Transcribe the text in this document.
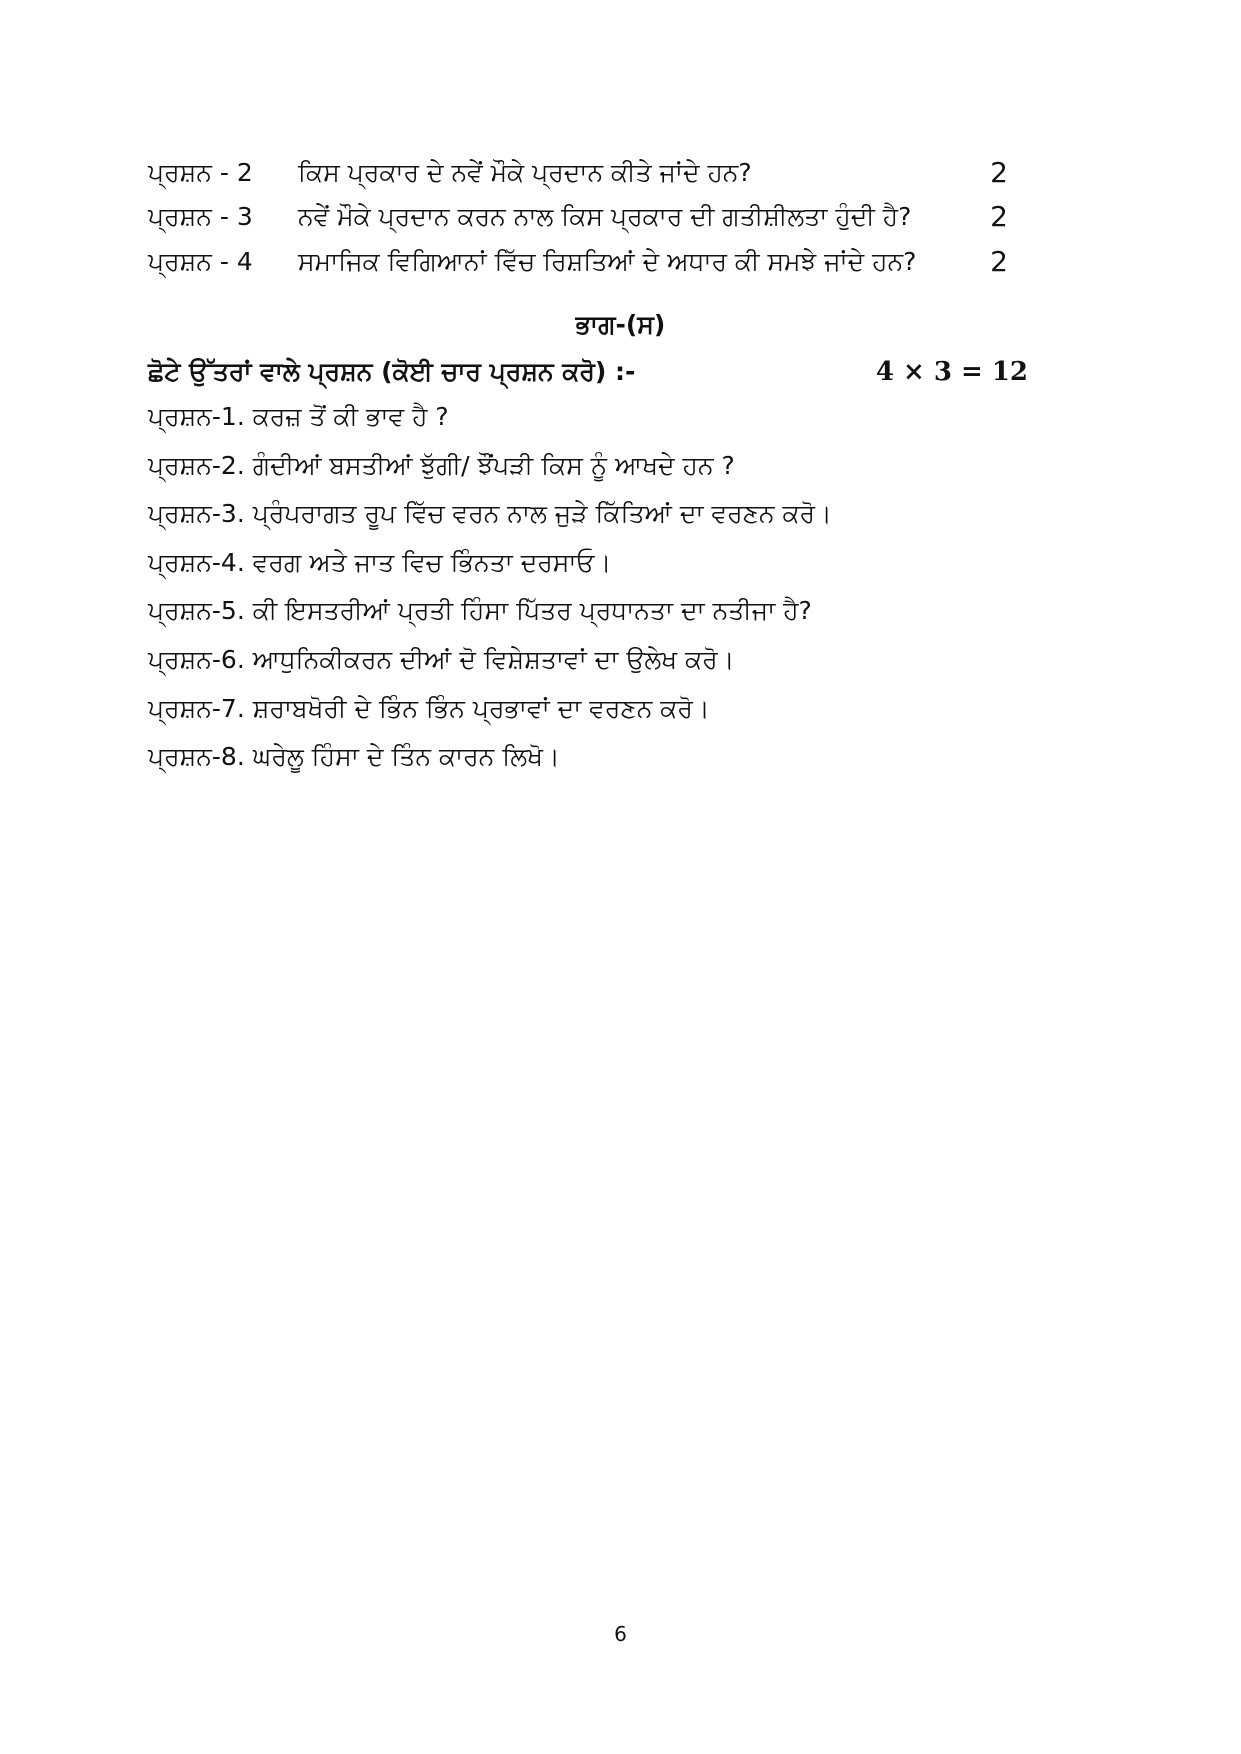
ਪ੍ਰਸ਼ਨ - 2 ਕਿਸ ਪ੍ਰਕਾਰ ਦੇ ਨਵੇਂ ਮੌਕੇ ਪ੍ਰਦਾਨ ਕੀਤੇ ਜਾਂਦੇ ਹਨ?	2
ਪ੍ਰਸ਼ਨ - 3 ਨਵੇਂ ਮੌਕੇ ਪ੍ਰਦਾਨ ਕਰਨ ਨਾਲ ਕਿਸ ਪ੍ਰਕਾਰ ਦੀ ਗਤੀਸ਼ੀਲਤਾ ਹੁੰਦੀ ਹੈ?	2
ਪ੍ਰਸ਼ਨ - 4 ਸਮਾਜਿਕ ਵਿਗਿਆਨਾਂ ਵਿੱਚ ਰਿਸ਼ਤਿਆਂ ਦੇ ਅਧਾਰ ਕੀ ਸਮਝੇ ਜਾਂਦੇ ਹਨ?	2
ਭਾਗ-(ਸ)
ਛੋਟੇ ਉੱਤਰਾਂ ਵਾਲੇ ਪ੍ਰਸ਼ਨ (ਕੋਈ ਚਾਰ ਪ੍ਰਸ਼ਨ ਕਰੋ) :-	4 × 3 = 12
ਪ੍ਰਸ਼ਨ-1. ਕਰਜ਼ ਤੋਂ ਕੀ ਭਾਵ ਹੈ ?
ਪ੍ਰਸ਼ਨ-2. ਗੰਦੀਆਂ ਬਸਤੀਆਂ ਝੁੱਗੀ/ ਝੌਂਪੜੀ ਕਿਸ ਨੂੰ ਆਖਦੇ ਹਨ ?
ਪ੍ਰਸ਼ਨ-3. ਪ੍ਰੰਪਰਾਗਤ ਰੂਪ ਵਿੱਚ ਵਰਨ ਨਾਲ ਜੁੜੇ ਕਿੱਤਿਆਂ ਦਾ ਵਰਣਨ ਕਰੋ।
ਪ੍ਰਸ਼ਨ-4. ਵਰਗ ਅਤੇ ਜਾਤ ਵਿਚ ਭਿੰਨਤਾ ਦਰਸਾਓ।
ਪ੍ਰਸ਼ਨ-5. ਕੀ ਇਸਤਰੀਆਂ ਪ੍ਰਤੀ ਹਿੰਸਾ ਪਿੱਤਰ ਪ੍ਰਧਾਨਤਾ ਦਾ ਨਤੀਜਾ ਹੈ?
ਪ੍ਰਸ਼ਨ-6. ਆਧੁਨਿਕੀਕਰਨ ਦੀਆਂ ਦੋ ਵਿਸ਼ੇਸ਼ਤਾਵਾਂ ਦਾ ਉਲੇਖ ਕਰੋ।
ਪ੍ਰਸ਼ਨ-7. ਸ਼ਰਾਬਖੋਰੀ ਦੇ ਭਿੰਨ ਭਿੰਨ ਪ੍ਰਭਾਵਾਂ ਦਾ ਵਰਣਨ ਕਰੋ।
ਪ੍ਰਸ਼ਨ-8. ਘਰੇਲੂ ਹਿੰਸਾ ਦੇ ਤਿੰਨ ਕਾਰਨ ਲਿਖੋ।
6
